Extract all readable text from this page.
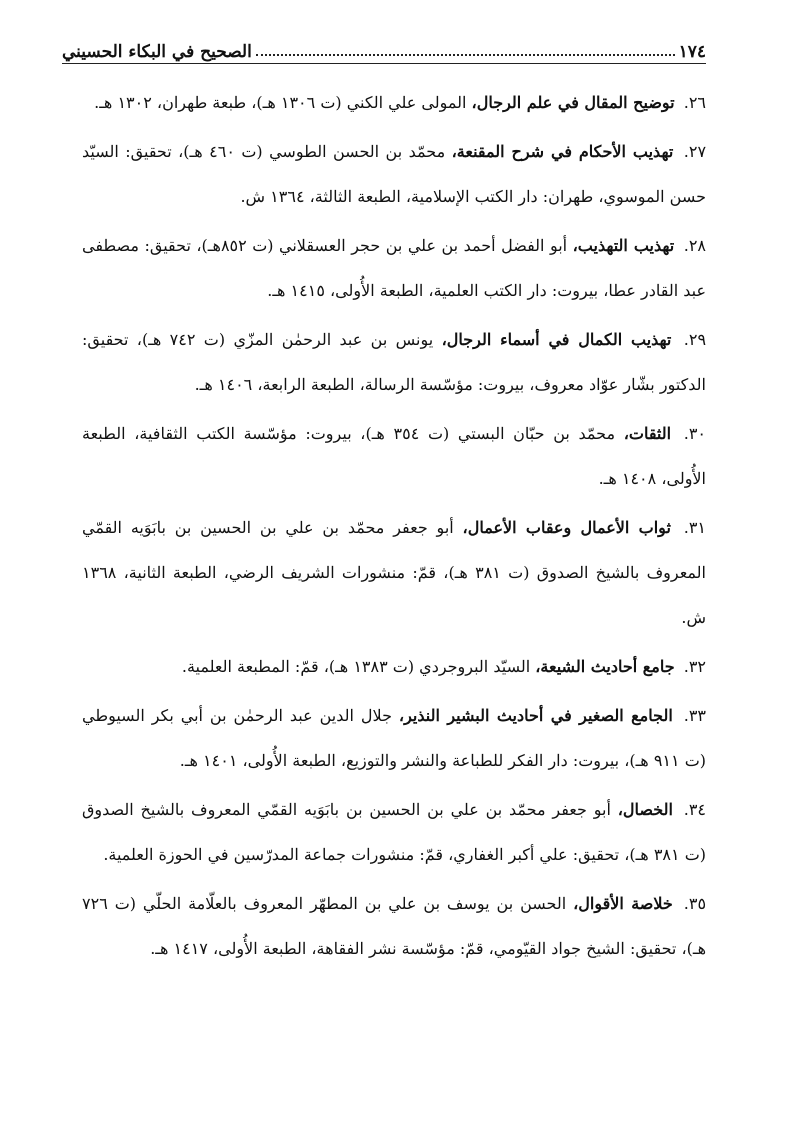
١٧٤
الصحيح في البكاء الحسيني

٢٦. توضيح المقال في علم الرجال، المولى علي الكني (ت ١٣٠٦ هـ)، طبعة طهران، ١٣٠٢ هـ.

٢٧. تهذيب الأحكام في شرح المقنعة، محمّد بن الحسن الطوسي (ت ٤٦٠ هـ)، تحقيق: السيّد حسن الموسوي، طهران: دار الكتب الإسلامية، الطبعة الثالثة، ١٣٦٤ ش.

٢٨. تهذيب التهذيب، أبو الفضل أحمد بن علي بن حجر العسقلاني (ت ٨٥٢هـ)، تحقيق: مصطفى عبد القادر عطا، بيروت: دار الكتب العلمية، الطبعة الأُولى، ١٤١٥ هـ.

٢٩. تهذيب الكمال في أسماء الرجال، يونس بن عبد الرحمٰن المزّي (ت ٧٤٢ هـ)، تحقيق: الدكتور بشّار عوّاد معروف، بيروت: مؤسّسة الرسالة، الطبعة الرابعة، ١٤٠٦ هـ.

٣٠. الثقات، محمّد بن حبّان البستي (ت ٣٥٤ هـ)، بيروت: مؤسّسة الكتب الثقافية، الطبعة الأُولى، ١٤٠٨ هـ.

٣١. ثواب الأعمال وعقاب الأعمال، أبو جعفر محمّد بن علي بن الحسين بن بابَوَيه القمّي المعروف بالشيخ الصدوق (ت ٣٨١ هـ)، قمّ: منشورات الشريف الرضي، الطبعة الثانية، ١٣٦٨ ش.

٣٢. جامع أحاديث الشيعة، السيّد البروجردي (ت ١٣٨٣ هـ)، قمّ: المطبعة العلمية.

٣٣. الجامع الصغير في أحاديث البشير النذير، جلال الدين عبد الرحمٰن بن أبي بكر السيوطي (ت ٩١١ هـ)، بيروت: دار الفكر للطباعة والنشر والتوزيع، الطبعة الأُولى، ١٤٠١ هـ.

٣٤. الخصال، أبو جعفر محمّد بن علي بن الحسين بن بابَوَيه القمّي المعروف بالشيخ الصدوق (ت ٣٨١ هـ)، تحقيق: علي أكبر الغفاري، قمّ: منشورات جماعة المدرّسين في الحوزة العلمية.

٣٥. خلاصة الأقوال، الحسن بن يوسف بن علي بن المطهّر المعروف بالعلّامة الحلّي (ت ٧٢٦ هـ)، تحقيق: الشيخ جواد القيّومي، قمّ: مؤسّسة نشر الفقاهة، الطبعة الأُولى، ١٤١٧ هـ.
